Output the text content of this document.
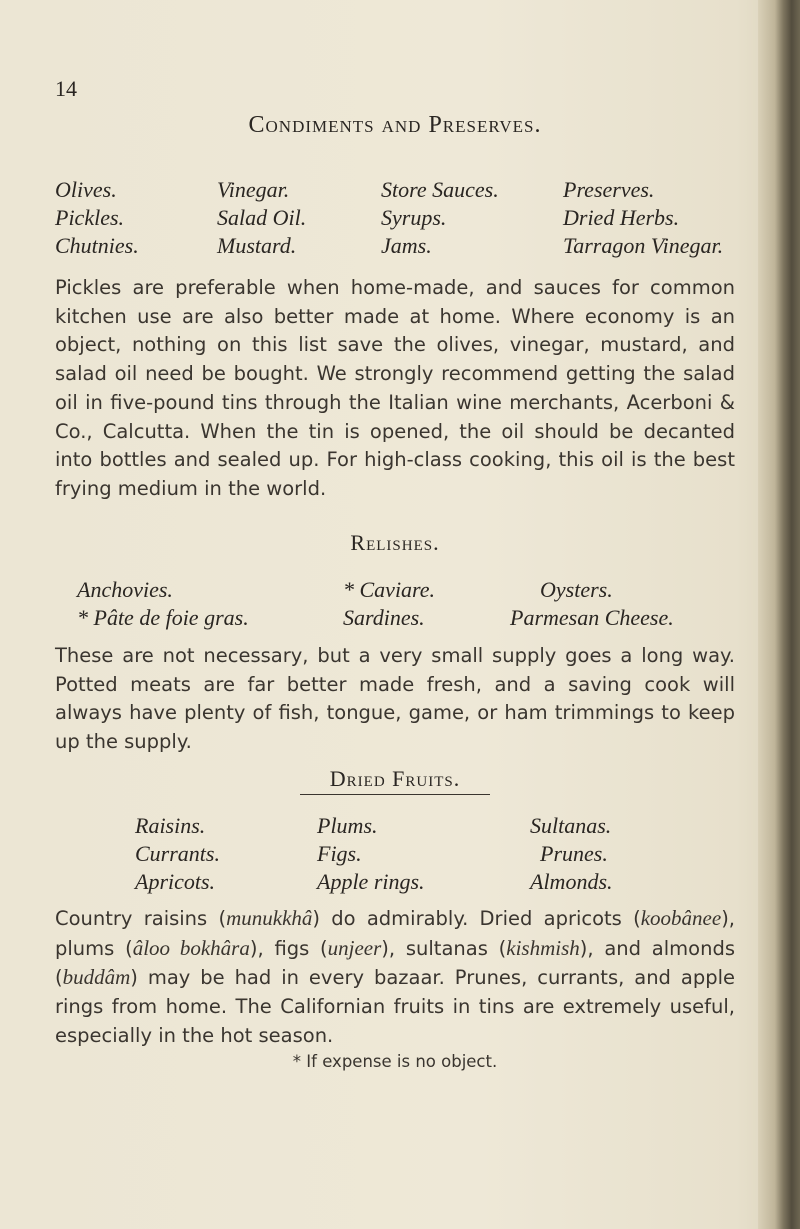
14
Condiments and Preserves.
Olives.	Vinegar.	Store Sauces.	Preserves.
Pickles.	Salad Oil.	Syrups.	Dried Herbs.
Chutnies.	Mustard.	Jams.	Tarragon Vinegar.
Pickles are preferable when home-made, and sauces for common kitchen use are also better made at home. Where economy is an object, nothing on this list save the olives, vinegar, mustard, and salad oil need be bought. We strongly recommend getting the salad oil in five-pound tins through the Italian wine merchants, Acerboni & Co., Calcutta. When the tin is opened, the oil should be decanted into bottles and sealed up. For high-class cooking, this oil is the best frying medium in the world.
Relishes.
Anchovies.	* Caviare.	Oysters.
* Pâte de foie gras.	Sardines.	Parmesan Cheese.
These are not necessary, but a very small supply goes a long way. Potted meats are far better made fresh, and a saving cook will always have plenty of fish, tongue, game, or ham trimmings to keep up the supply.
Dried Fruits.
Raisins.	Plums.	Sultanas.
Currants.	Figs.	Prunes.
Apricots.	Apple rings.	Almonds.
Country raisins (munukkhâ) do admirably. Dried apricots (koobânee), plums (âloo bokhâra), figs (unjeer), sultanas (kishmish), and almonds (buddâm) may be had in every bazaar. Prunes, currants, and apple rings from home. The Californian fruits in tins are extremely useful, especially in the hot season.
* If expense is no object.
